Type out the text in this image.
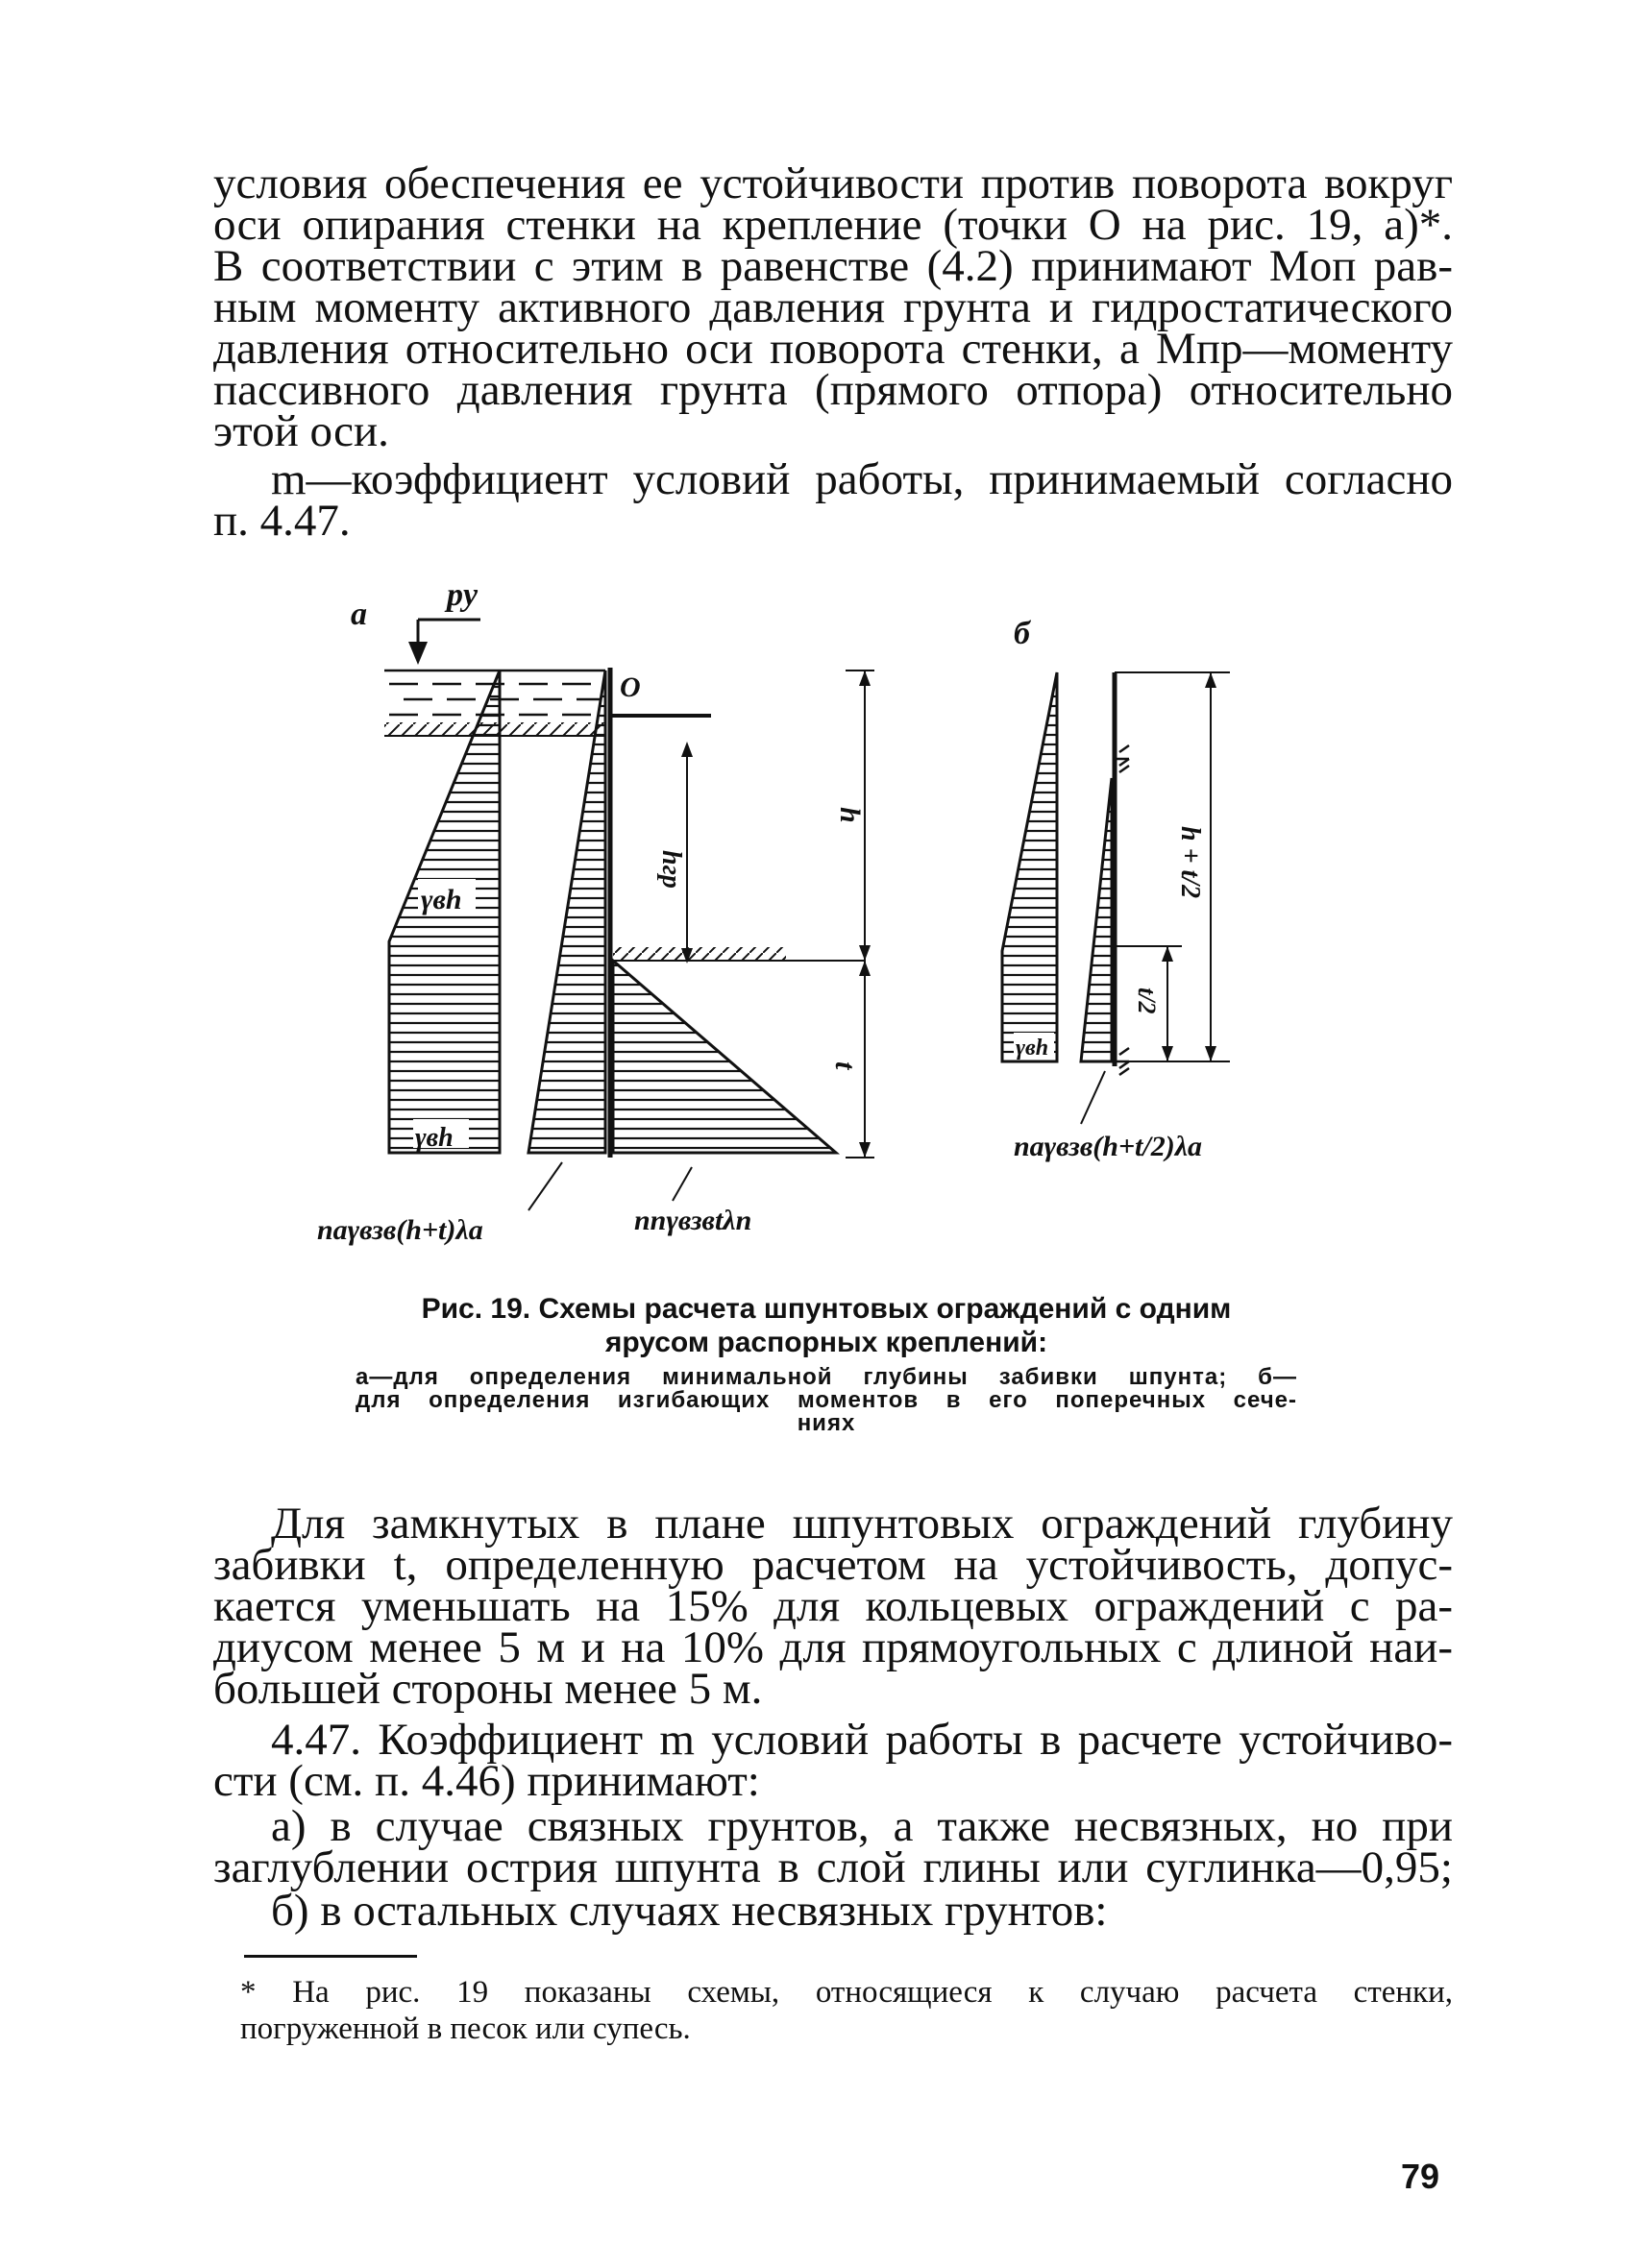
условия обеспечения ее устойчивости против поворота вокруг
оси опирания стенки на крепление (точки O на рис. 19, a)*.
В соответствии с этим в равенстве (4.2) принимают Mоп рав-
ным моменту активного давления грунта и гидростатического
давления относительно оси поворота стенки, а Mпр—моменту
пассивного давления грунта (прямого отпора) относительно
этой оси.
m—коэффициент условий работы, принимаемый согласно
п. 4.47.
a
pу
γвh
γвh
O
hгр
h
t
naγвзв(h+t)λa	nпγвзвtλп
б
γвh
h + t/2
t/2
naγвзв(h+t/2)λa
Рис. 19. Схемы расчета шпунтовых ограждений с одним
ярусом распорных креплений:
а—для определения минимальной глубины забивки шпунта; б—
для определения изгибающих моментов в его поперечных сече-
ниях
Для замкнутых в плане шпунтовых ограждений глубину
забивки t, определенную расчетом на устойчивость, допус-
кается уменьшать на 15% для кольцевых ограждений с ра-
диусом менее 5 м и на 10% для прямоугольных с длиной наи-
большей стороны менее 5 м.
4.47. Коэффициент m условий работы в расчете устойчиво-
сти (см. п. 4.46) принимают:
а) в случае связных грунтов, а также несвязных, но при
заглублении острия шпунта в слой глины или суглинка—0,95;
б) в остальных случаях несвязных грунтов:
* На рис. 19 показаны схемы, относящиеся к случаю расчета стенки,
погруженной в песок или супесь.
79
